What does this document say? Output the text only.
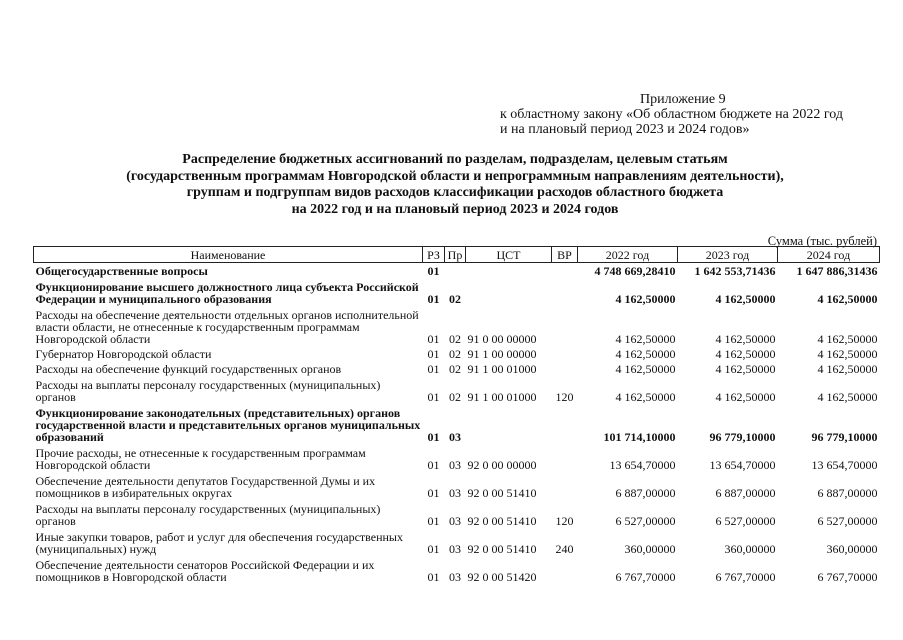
Приложение 9
к областному закону «Об областном бюджете на 2022 год
и на плановый период 2023 и 2024 годов»
Распределение бюджетных ассигнований по разделам, подразделам, целевым статьям
(государственным программам Новгородской области и непрограммным направлениям деятельности),
группам и подгруппам видов расходов классификации расходов областного бюджета
на 2022 год и на плановый период 2023 и 2024 годов
Сумма (тыс. рублей)
Наименование	РЗ	Пр	ЦСТ	ВР	2022 год	2023 год	2024 год
Общегосударственные вопросы	01				4 748 669,28410	1 642 553,71436	1 647 886,31436
Функционирование высшего должностного лица субъекта Российской Федерации и муниципального образования	01	02			4 162,50000	4 162,50000	4 162,50000
Расходы на обеспечение деятельности отдельных органов исполнительной власти области, не отнесенные к государственным программам Новгородской области	01	02	91 0 00 00000		4 162,50000	4 162,50000	4 162,50000
Губернатор Новгородской области	01	02	91 1 00 00000		4 162,50000	4 162,50000	4 162,50000
Расходы на обеспечение функций государственных органов	01	02	91 1 00 01000		4 162,50000	4 162,50000	4 162,50000
Расходы на выплаты персоналу государственных (муниципальных) органов	01	02	91 1 00 01000	120	4 162,50000	4 162,50000	4 162,50000
Функционирование законодательных (представительных) органов государственной власти и представительных органов муниципальных образований	01	03			101 714,10000	96 779,10000	96 779,10000
Прочие расходы, не отнесенные к государственным программам Новгородской области	01	03	92 0 00 00000		13 654,70000	13 654,70000	13 654,70000
Обеспечение деятельности депутатов Государственной Думы и их помощников в избирательных округах	01	03	92 0 00 51410		6 887,00000	6 887,00000	6 887,00000
Расходы на выплаты персоналу государственных (муниципальных) органов	01	03	92 0 00 51410	120	6 527,00000	6 527,00000	6 527,00000
Иные закупки товаров, работ и услуг для обеспечения государственных (муниципальных) нужд	01	03	92 0 00 51410	240	360,00000	360,00000	360,00000
Обеспечение деятельности сенаторов Российской Федерации и их помощников в Новгородской области	01	03	92 0 00 51420		6 767,70000	6 767,70000	6 767,70000
